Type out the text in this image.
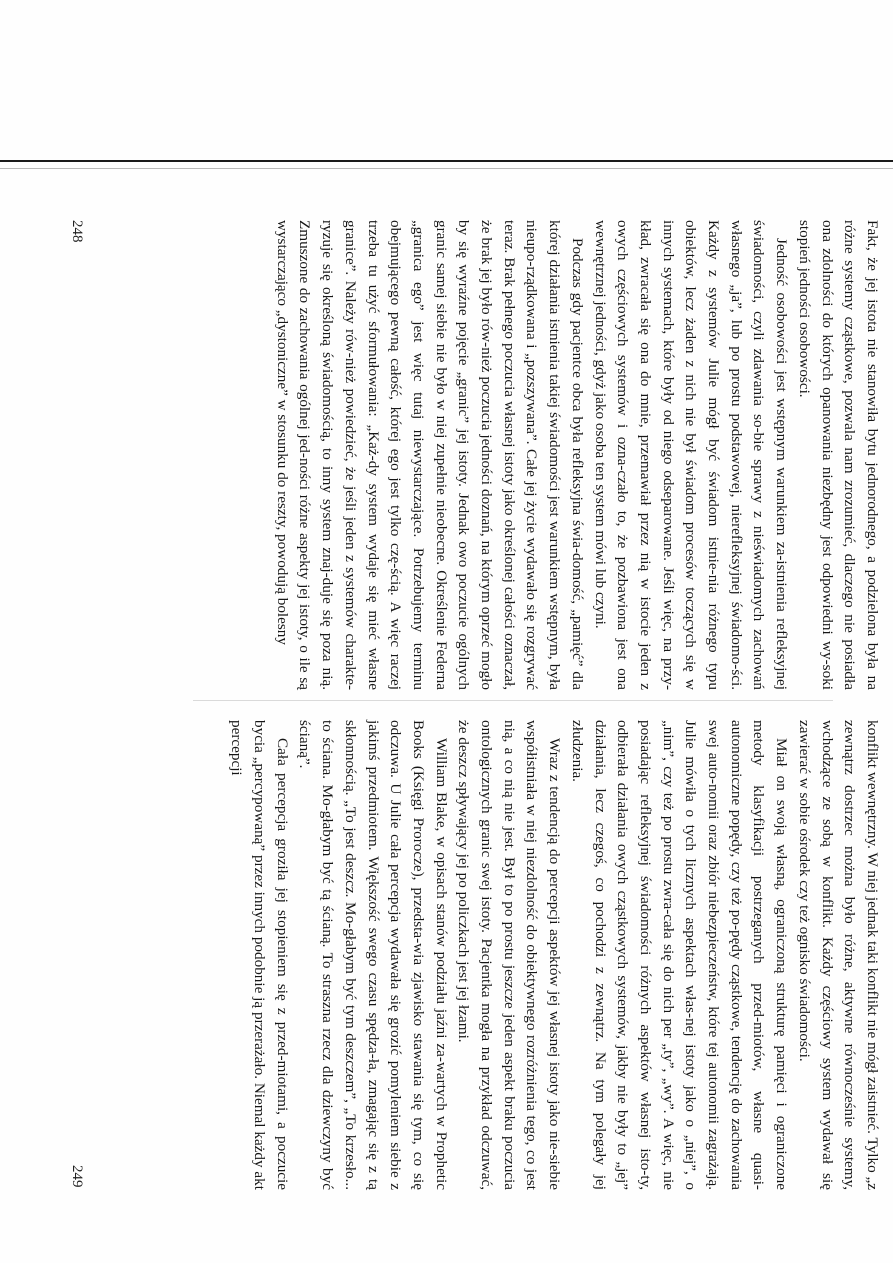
Fakt, że jej istota nie stanowiła bytu jednorodnego, a podzielona była na różne systemy cząstkowe, pozwala nam zrozumieć, dlaczego nie posiadła ona zdolności do których opanowania niezbędny jest odpowiedni wy-soki stopień jedności osobowości.

Jedność osobowości jest wstępnym warunkiem za-istnienia refleksyjnej świadomości, czyli zdawania so-bie sprawy z nieświadomych zachowań własnego „ja”, lub po prostu podstawowej, nierefleksyjnej świadomo-ści. Każdy z systemów Julie mógł być świadom istnie-nia różnego typu obiektów, lecz żaden z nich nie był świadom procesów toczących się w innych systemach, które były od niego odseparowane. Jeśli więc, na przy-kład, zwracała się ona do mnie, przemawiał przez nią w istocie jeden z owych częściowych systemów i ozna-czało to, że pozbawiona jest ona wewnętrznej jedności, gdyż jako osoba ten system mówi lub czyni.

Podczas gdy pacjentce obca była refleksyjna świa-domość, „pamięć” dla której działania istnienia takiej świadomości jest warunkiem wstępnym, była nieupo-rządkowana i „pozszywana”. Całe jej życie wydawało się rozgrywać teraz. Brak pełnego poczucia własnej istoty jako określonej całości oznaczał, że brak jej było rów-nież poczucia jedności doznań, na którym oprzeć mogło by się wyraźne pojęcie „granic” jej istoty. Jednak owo poczucie ogólnych granic samej siebie nie było w niej zupełnie nieobecne. Określenie Federna „granica ego” jest więc tutaj niewystarczające. Potrzebujemy terminu obejmującego pewną całość, której ego jest tylko czę-ścią. A więc raczej trzeba tu użyć sformułowania: „Każ-dy system wydaje się mieć własne granice”. Należy rów-nież powiedzieć, że jeśli jeden z systemów charakte-ryzuje się określoną świadomością, to inny system znaj-duje się poza nią. Zmuszone do zachowania ogólnej jed-ności różne aspekty jej istoty, o ile są wystarczająco „dystoniczne” w stosunku do reszty, powodują bolesny

konflikt wewnętrzny. W niej jednak taki konflikt nie mógł zaistnieć. Tylko „z zewnątrz dostrzec można było różne, aktywne równocześnie systemy, wchodzące ze sobą w konflikt. Każdy częściowy system wydawał się zawierać w sobie ośrodek czy też ognisko świadomości.

Miał on swoją własną, ograniczoną strukturę pamięci i ograniczone metody klasyfikacji postrzeganych przed-miotów, własne quasi-autonomiczne popędy, czy też po-pędy cząstkowe, tendencję do zachowania swej auto-nomii oraz zbiór niebezpieczeństw, które tej autonomii zagrażają. Julie mówiła o tych licznych aspektach włas-nej istoty jako o „niej”, o „nim”, czy też po prostu zwra-cała się do nich per „ty”, „wy”. A więc, nie posiadając refleksyjnej świadomości różnych aspektów własnej isto-ty, odbierała działania owych cząstkowych systemów, jakby nie były to „jej” działania, lecz czegoś, co pochodzi z zewnątrz. Na tym polegały jej złudzenia.

Wraz z tendencją do percepcji aspektów jej własnej istoty jako nie-siebie współistniała w niej niezdolność do obiektywnego rozróżnienia tego, co jest nią, a co nią nie jest. Był to po prostu jeszcze jeden aspekt braku poczucia ontologicznych granic swej istoty. Pacjentka mogła na przykład odczuwać, że deszcz spływający jej po policzkach jest jej łzami.

William Blake, w opisach stanów podziału jaźni za-wartych w Prophetic Books (Księgi Prorocze), przedsta-wia zjawisko stawania się tym, co się odczuwa. U Julie cała percepcja wydawała się grozić pomyleniem siebie z jakimś przedmiotem. Większość swego czasu spędza-ła, zmagając się z tą skłonnością. „To jest deszcz. Mo-głabym być tym deszczem”, „To krzesło... to ściana. Mo-głabym być tą ścianą. To straszna rzecz dla dziewczyny być ścianą”.

Cała percepcja groziła jej stopieniem się z przed-miotami, a poczucie bycia „percypowaną” przez innych podobnie ją przerażało. Niemal każdy akt percepcji

248
249
